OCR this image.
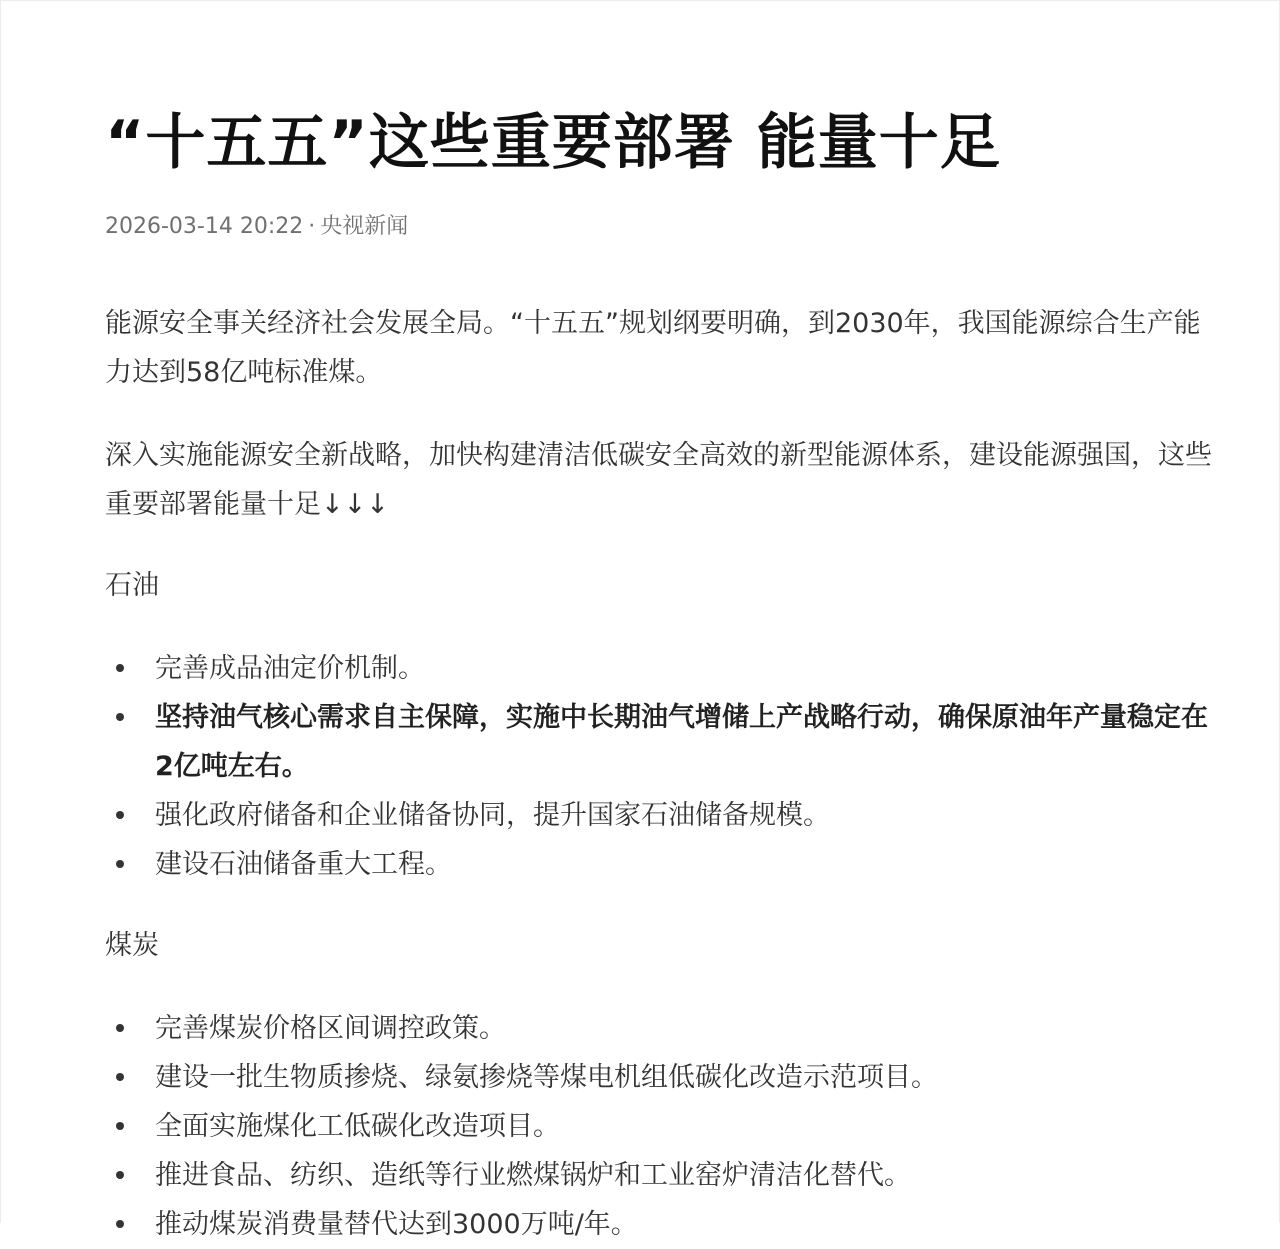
“十五五”这些重要部署 能量十足
2026-03-14 20:22 · 央视新闻

能源安全事关经济社会发展全局。“十五五”规划纲要明确，到2030年，我国能源综合生产能力达到58亿吨标准煤。

深入实施能源安全新战略，加快构建清洁低碳安全高效的新型能源体系，建设能源强国，这些重要部署能量十足↓↓↓

石油
完善成品油定价机制。
坚持油气核心需求自主保障，实施中长期油气增储上产战略行动，确保原油年产量稳定在2亿吨左右。
强化政府储备和企业储备协同，提升国家石油储备规模。
建设石油储备重大工程。
煤炭
完善煤炭价格区间调控政策。
建设一批生物质掺烧、绿氨掺烧等煤电机组低碳化改造示范项目。
全面实施煤化工低碳化改造项目。
推进食品、纺织、造纸等行业燃煤锅炉和工业窑炉清洁化替代。
推动煤炭消费量替代达到3000万吨/年。
